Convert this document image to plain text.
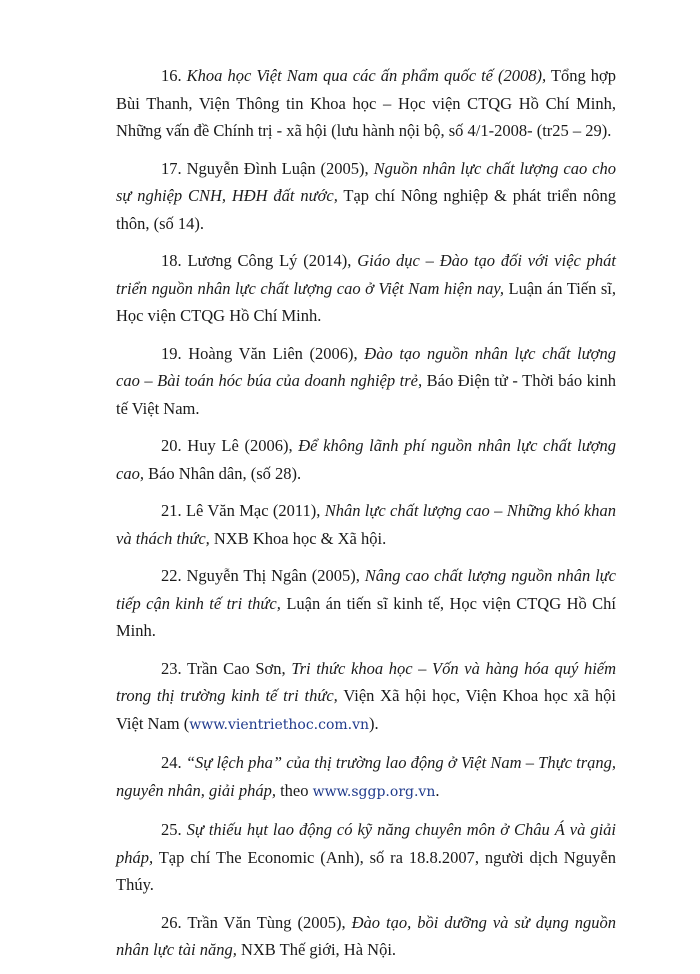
16. Khoa học Việt Nam qua các ấn phẩm quốc tế (2008), Tổng hợp Bùi Thanh, Viện Thông tin Khoa học – Học viện CTQG Hồ Chí Minh, Những vấn đề Chính trị - xã hội (lưu hành nội bộ, số 4/1-2008- (tr25 – 29).

17. Nguyễn Đình Luận (2005), Nguồn nhân lực chất lượng cao cho sự nghiệp CNH, HĐH đất nước, Tạp chí Nông nghiệp & phát triển nông thôn, (số 14).

18. Lương Công Lý (2014), Giáo dục – Đào tạo đối với việc phát triển nguồn nhân lực chất lượng cao ở Việt Nam hiện nay, Luận án Tiến sĩ, Học viện CTQG Hồ Chí Minh.

19. Hoàng Văn Liên (2006), Đào tạo nguồn nhân lực chất lượng cao – Bài toán hóc búa của doanh nghiệp trẻ, Báo Điện tử - Thời báo kinh tế Việt Nam.

20. Huy Lê (2006), Để không lãnh phí nguồn nhân lực chất lượng cao, Báo Nhân dân, (số 28).

21. Lê Văn Mạc (2011), Nhân lực chất lượng cao – Những khó khan và thách thức, NXB Khoa học & Xã hội.

22. Nguyễn Thị Ngân (2005), Nâng cao chất lượng nguồn nhân lực tiếp cận kinh tế tri thức, Luận án tiến sĩ kinh tế, Học viện CTQG Hồ Chí Minh.

23. Trần Cao Sơn, Tri thức khoa học – Vốn và hàng hóa quý hiếm trong thị trường kinh tế tri thức, Viện Xã hội học, Viện Khoa học xã hội Việt Nam (www.vientriethoc.com.vn).

24. “Sự lệch pha” của thị trường lao động ở Việt Nam – Thực trạng, nguyên nhân, giải pháp, theo www.sggp.org.vn.

25. Sự thiếu hụt lao động có kỹ năng chuyên môn ở Châu Á và giải pháp, Tạp chí The Economic (Anh), số ra 18.8.2007, người dịch Nguyễn Thúy.

26. Trần Văn Tùng (2005), Đào tạo, bồi dưỡng và sử dụng nguồn nhân lực tài năng, NXB Thế giới, Hà Nội.
